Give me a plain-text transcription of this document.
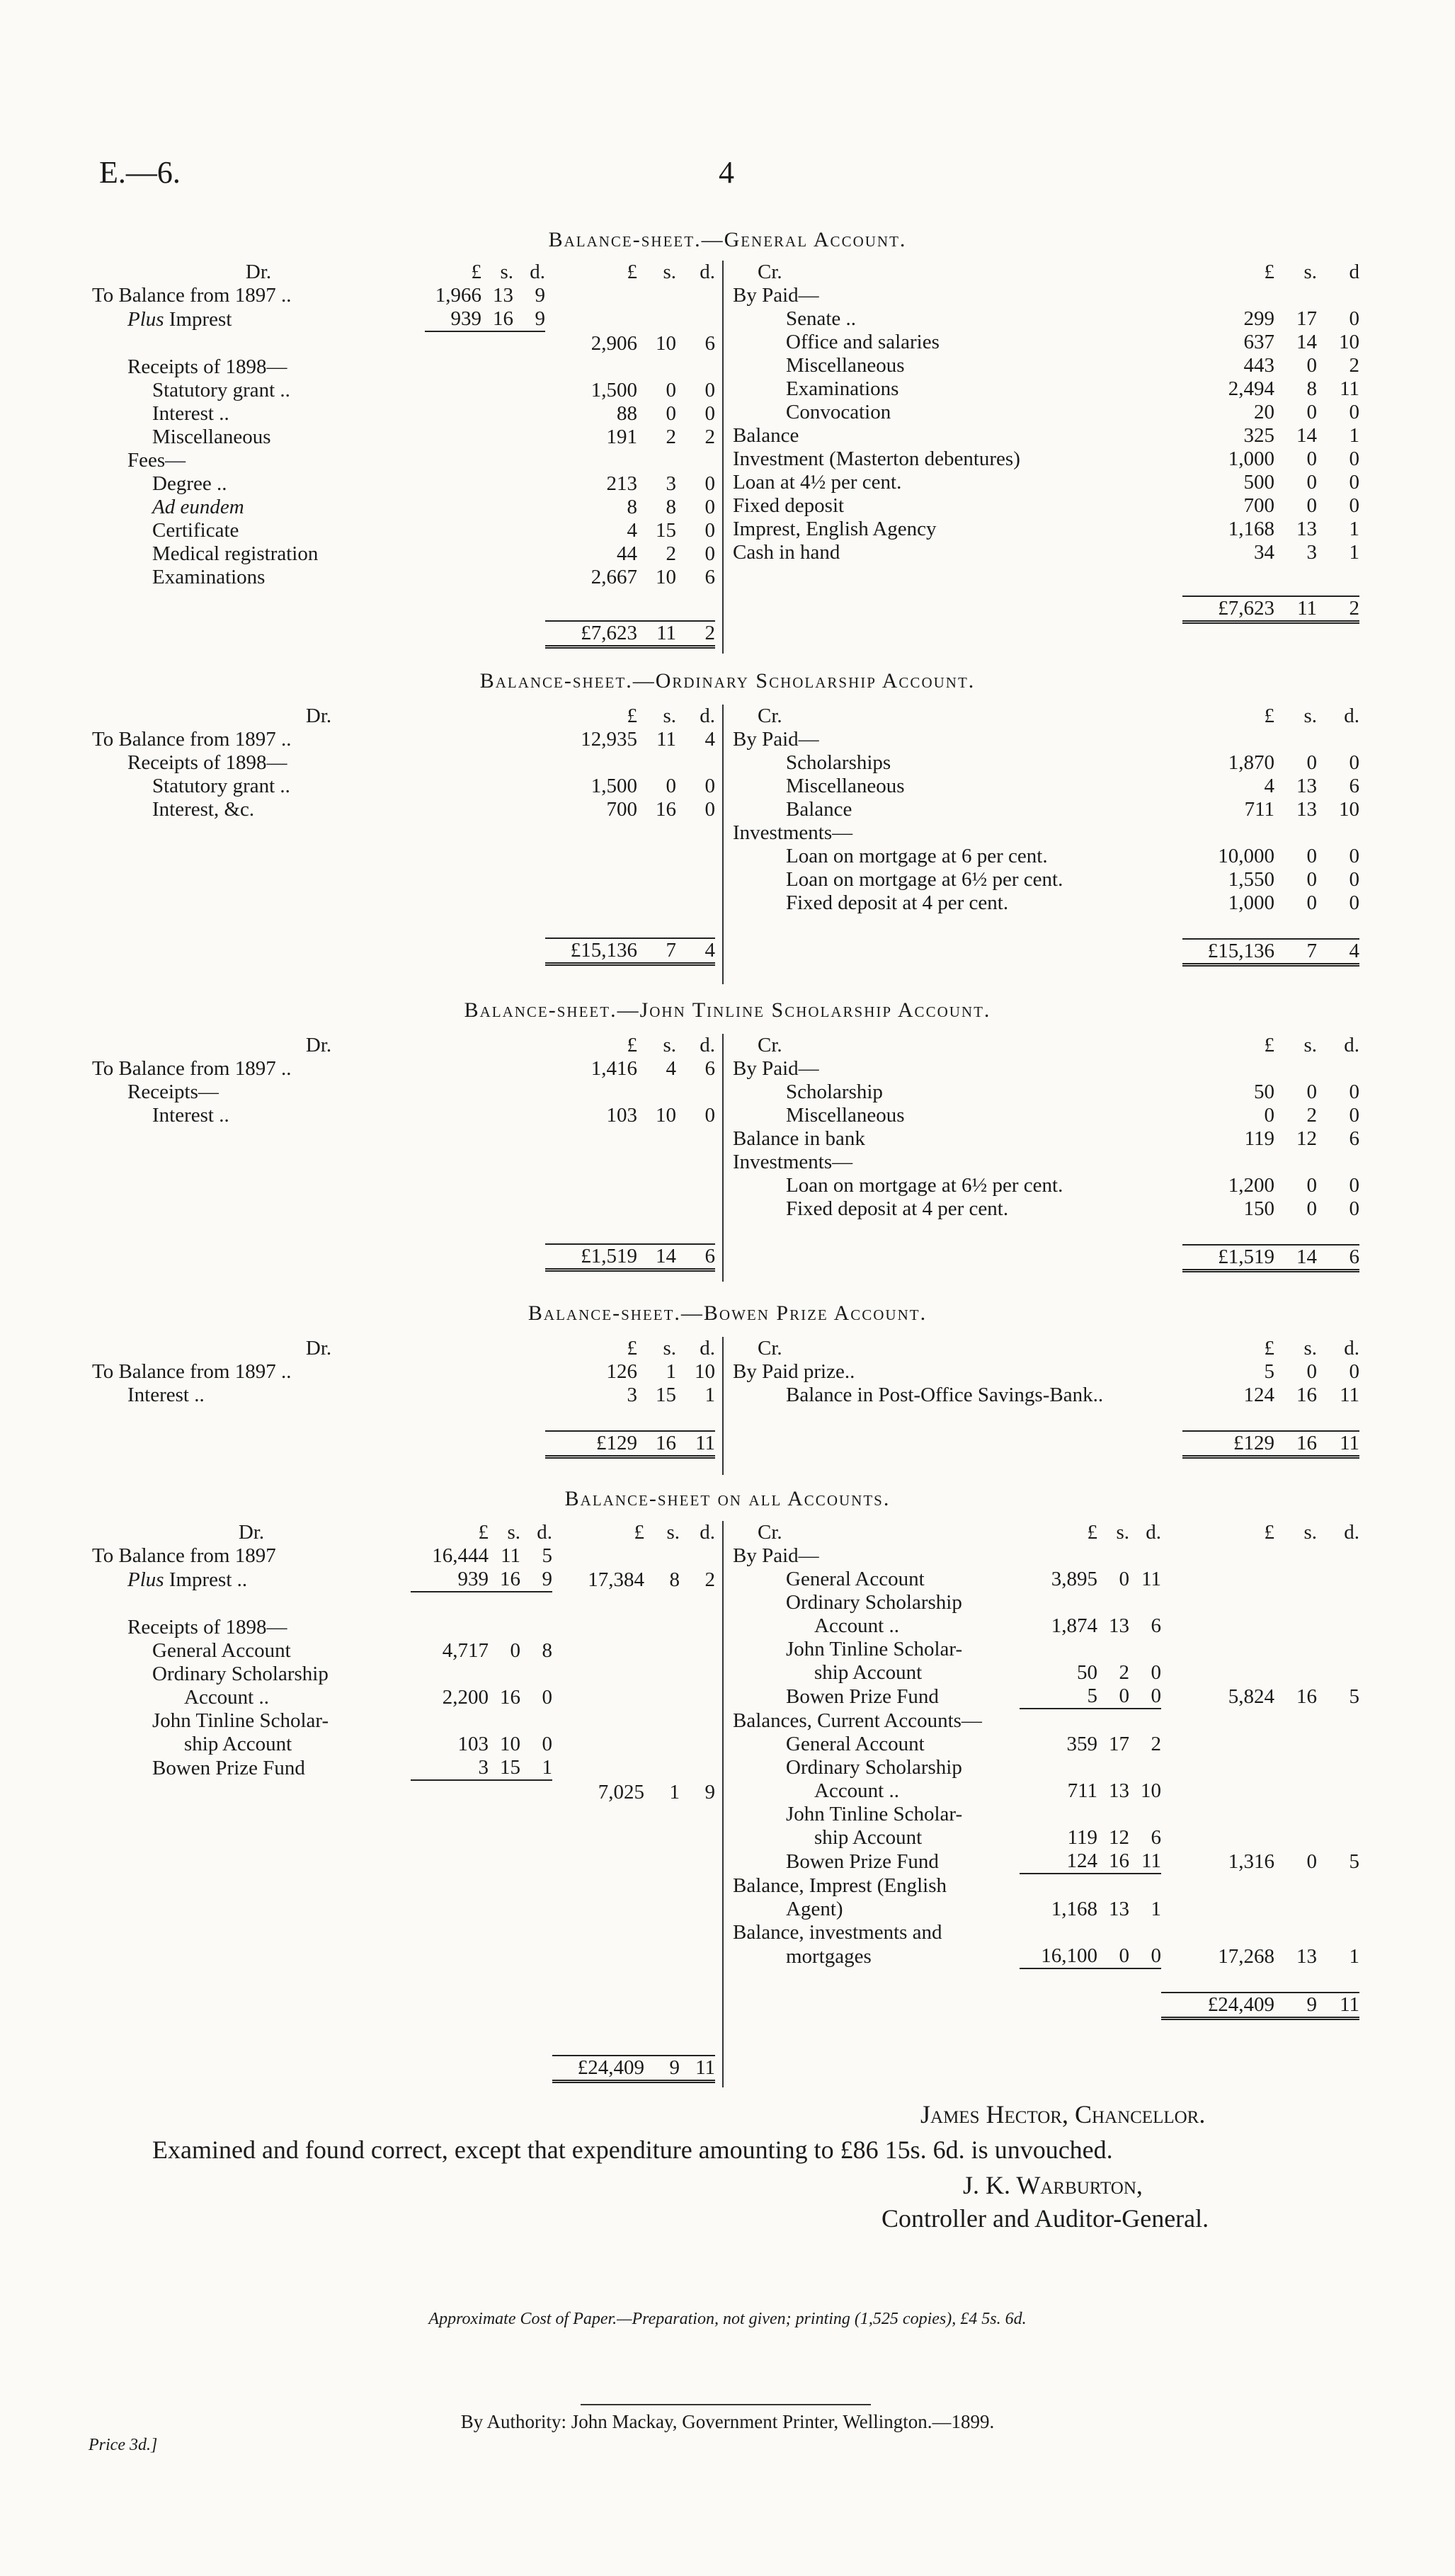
E.—6.	4
Balance-sheet.—General Account.
Dr.	£	s.	d.	£	s.	d.
To Balance from 1897 ..	1,966	13	9			
Plus Imprest	939	16	9			
				2,906	10	6
Receipts of 1898—						
Statutory grant ..				1,500	0	0
Interest ..				88	0	0
Miscellaneous				191	2	2
Fees—						
Degree ..				213	3	0
Ad eundem				8	8	0
Certificate				4	15	0
Medical registration				44	2	0
Examinations				2,667	10	6

				£7,623	11	2
	Cr.	£	s.	d
By Paid—				
	Senate ..	299	17	0
	Office and salaries	637	14	10
	Miscellaneous	443	0	2
	Examinations	2,494	8	11
	Convocation	20	0	0
Balance		325	14	1
Investment (Masterton debentures)		1,000	0	0
Loan at 4½ per cent.		500	0	0
Fixed deposit		700	0	0
Imprest, English Agency		1,168	13	1
Cash in hand		34	3	1

		£7,623	11	2
Balance-sheet.—Ordinary Scholarship Account.
Dr.	£	s.	d.
To Balance from 1897 ..	12,935	11	4
Receipts of 1898—			
Statutory grant ..	1,500	0	0
Interest, &c.	700	16	0

	£15,136	7	4
	Cr.	£	s.	d.
By Paid—				
	Scholarships	1,870	0	0
	Miscellaneous	4	13	6
	Balance	711	13	10
Investments—				
	Loan on mortgage at 6 per cent.	10,000	0	0
	Loan on mortgage at 6½ per cent.	1,550	0	0
	Fixed deposit at 4 per cent.	1,000	0	0

		£15,136	7	4
Balance-sheet.—John Tinline Scholarship Account.
Dr.	£	s.	d.
To Balance from 1897 ..	1,416	4	6
Receipts—			
Interest ..	103	10	0

	£1,519	14	6
	Cr.	£	s.	d.
By Paid—				
	Scholarship	50	0	0
	Miscellaneous	0	2	0
Balance in bank		119	12	6
Investments—				
	Loan on mortgage at 6½ per cent.	1,200	0	0
	Fixed deposit at 4 per cent.	150	0	0

		£1,519	14	6
Balance-sheet.—Bowen Prize Account.
Dr.	£	s.	d.
To Balance from 1897 ..	126	1	10
Interest ..	3	15	1

	£129	16	11
	Cr.	£	s.	d.
By Paid prize..		5	0	0
	Balance in Post-Office Savings-Bank..	124	16	11

		£129	16	11
Balance-sheet on all Accounts.
Dr.	£	s.	d.	£	s.	d.
To Balance from 1897	16,444	11	5			
Plus Imprest ..	939	16	9	17,384	8	2

Receipts of 1898—						
General Account	4,717	0	8			
Ordinary Scholarship						
Account ..	2,200	16	0			
John Tinline Scholar-						
ship Account	103	10	0			
Bowen Prize Fund	3	15	1			
				7,025	1	9

				£24,409	9	11
	Cr.	£	s.	d.	£	s.	d.
By Paid—							
	General Account	3,895	0	11			
	Ordinary Scholarship						
	Account ..	1,874	13	6			
	John Tinline Scholar-						
	ship Account	50	2	0			
	Bowen Prize Fund	5	0	0	5,824	16	5
Balances, Current Accounts—							
	General Account	359	17	2			
	Ordinary Scholarship						
	Account ..	711	13	10			
	John Tinline Scholar-						
	ship Account	119	12	6			
	Bowen Prize Fund	124	16	11	1,316	0	5
Balance, Imprest (English							
	Agent)	1,168	13	1			
Balance, investments and							
	mortgages	16,100	0	0	17,268	13	1

					£24,409	9	11
James Hector, Chancellor.
Examined and found correct, except that expenditure amounting to £86 15s. 6d. is unvouched.
J. K. Warburton,
Controller and Auditor-General.
Approximate Cost of Paper.—Preparation, not given; printing (1,525 copies), £4 5s. 6d.
By Authority: John Mackay, Government Printer, Wellington.—1899.
Price 3d.]
